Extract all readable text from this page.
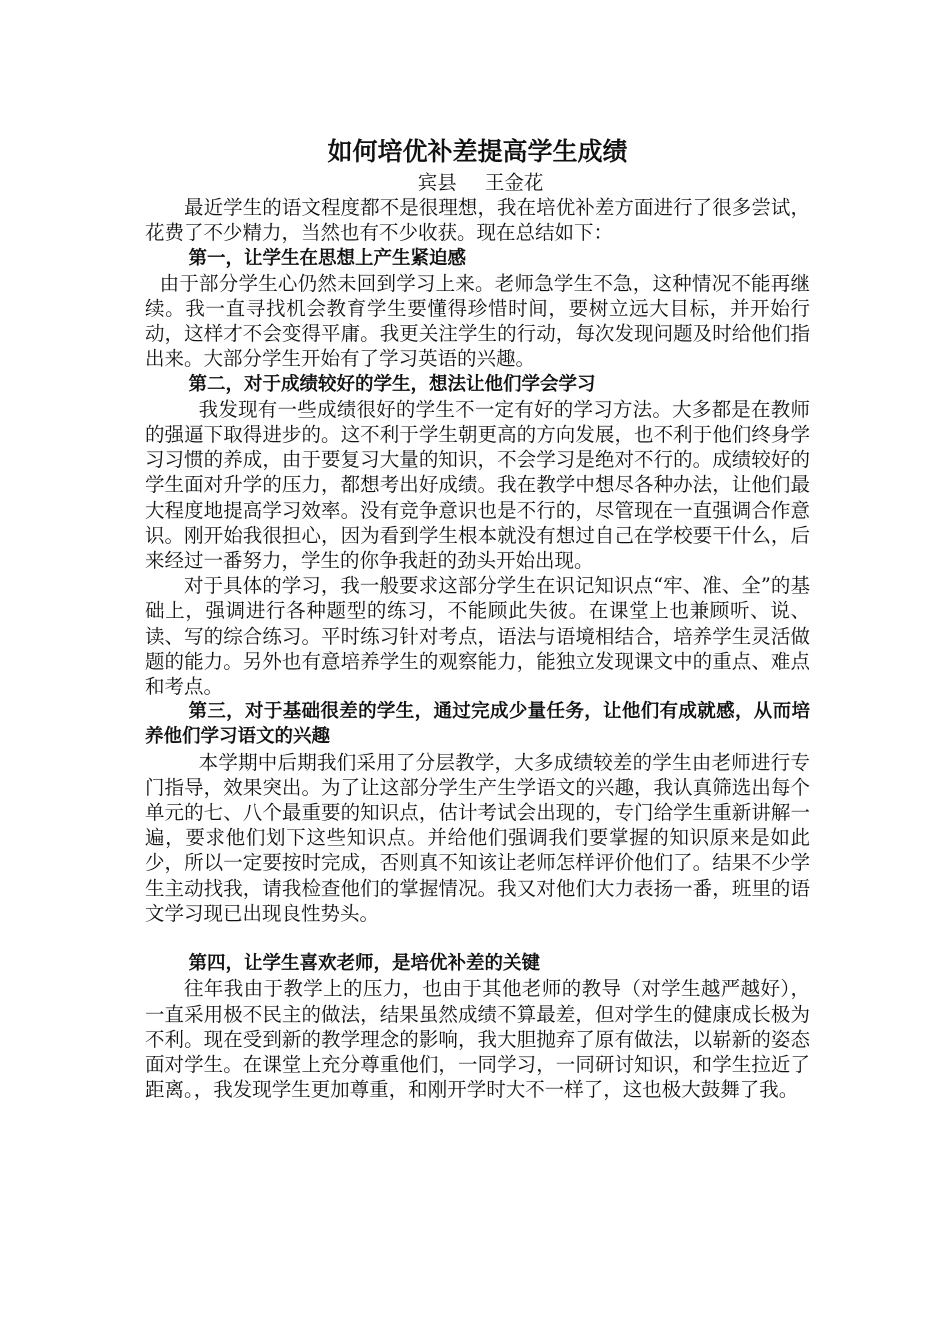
如何培优补差提高学生成绩
宾县 王金花

最近学生的语文程度都不是很理想，我在培优补差方面进行了很多尝试，花费了不少精力，当然也有不少收获。现在总结如下：

第一，让学生在思想上产生紧迫感

由于部分学生心仍然未回到学习上来。老师急学生不急，这种情况不能再继续。我一直寻找机会教育学生要懂得珍惜时间，要树立远大目标，并开始行动，这样才不会变得平庸。我更关注学生的行动，每次发现问题及时给他们指出来。大部分学生开始有了学习英语的兴趣。

第二，对于成绩较好的学生，想法让他们学会学习

我发现有一些成绩很好的学生不一定有好的学习方法。大多都是在教师的强逼下取得进步的。这不利于学生朝更高的方向发展，也不利于他们终身学习习惯的养成，由于要复习大量的知识，不会学习是绝对不行的。成绩较好的学生面对升学的压力，都想考出好成绩。我在教学中想尽各种办法，让他们最大程度地提高学习效率。没有竞争意识也是不行的，尽管现在一直强调合作意识。刚开始我很担心，因为看到学生根本就没有想过自己在学校要干什么，后来经过一番努力，学生的你争我赶的劲头开始出现。

对于具体的学习，我一般要求这部分学生在识记知识点“牢、准、全”的基础上，强调进行各种题型的练习，不能顾此失彼。在课堂上也兼顾听、说、读、写的综合练习。平时练习针对考点，语法与语境相结合，培养学生灵活做题的能力。另外也有意培养学生的观察能力，能独立发现课文中的重点、难点和考点。

第三，对于基础很差的学生，通过完成少量任务，让他们有成就感，从而培养他们学习语文的兴趣

本学期中后期我们采用了分层教学，大多成绩较差的学生由老师进行专门指导，效果突出。为了让这部分学生产生学语文的兴趣，我认真筛选出每个单元的七、八个最重要的知识点，估计考试会出现的，专门给学生重新讲解一遍，要求他们划下这些知识点。并给他们强调我们要掌握的知识原来是如此少，所以一定要按时完成，否则真不知该让老师怎样评价他们了。结果不少学生主动找我，请我检查他们的掌握情况。我又对他们大力表扬一番，班里的语文学习现已出现良性势头。

第四，让学生喜欢老师，是培优补差的关键

往年我由于教学上的压力，也由于其他老师的教导（对学生越严越好），一直采用极不民主的做法，结果虽然成绩不算最差，但对学生的健康成长极为不利。现在受到新的教学理念的影响，我大胆抛弃了原有做法，以崭新的姿态面对学生。在课堂上充分尊重他们，一同学习，一同研讨知识，和学生拉近了距离。，我发现学生更加尊重，和刚开学时大不一样了，这也极大鼓舞了我。
